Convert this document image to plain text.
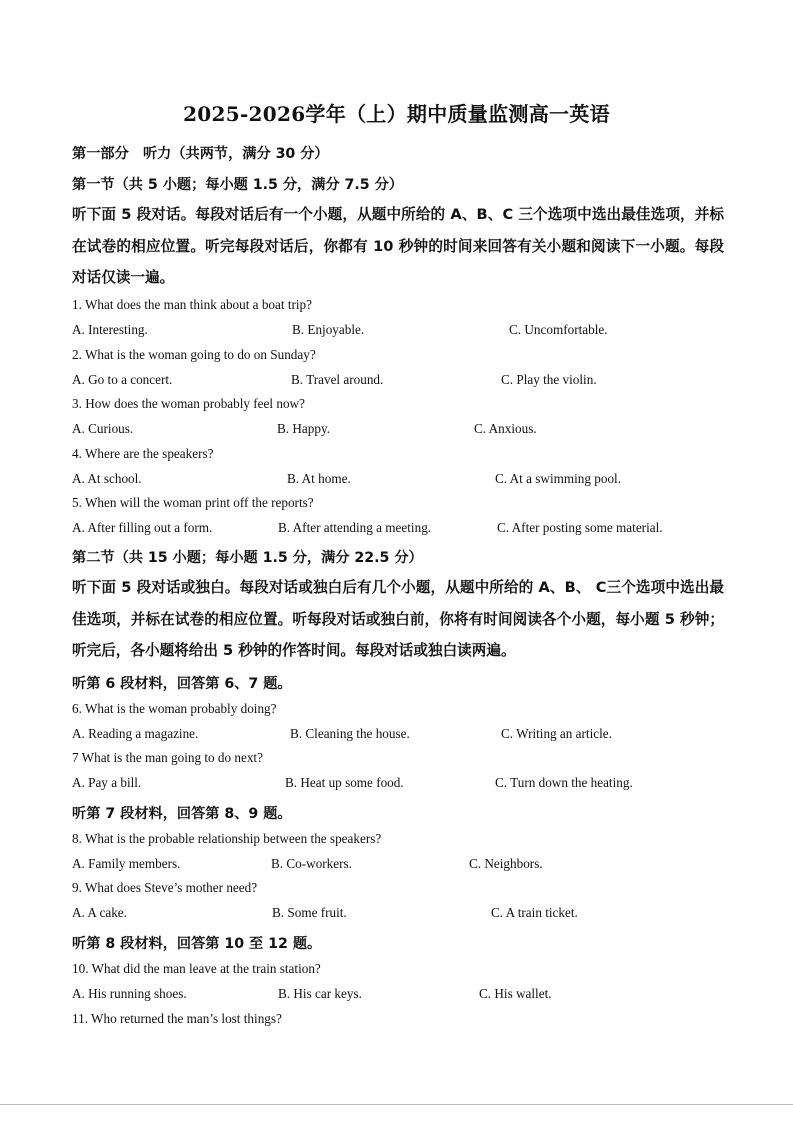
2025-2026学年（上）期中质量监测高一英语
第一部分　听力（共两节，满分 30 分）
第一节（共 5 小题；每小题 1.5 分，满分 7.5 分）
听下面 5 段对话。每段对话后有一个小题，从题中所给的 A、B、C 三个选项中选出最佳选项，并标在试卷的相应位置。听完每段对话后，你都有 10 秒钟的时间来回答有关小题和阅读下一小题。每段对话仅读一遍。
1. What does the man think about a boat trip?
A. Interesting.	B. Enjoyable.	C. Uncomfortable.
2. What is the woman going to do on Sunday?
A. Go to a concert.	B. Travel around.	C. Play the violin.
3. How does the woman probably feel now?
A. Curious.	B. Happy.	C. Anxious.
4. Where are the speakers?
A. At school.	B. At home.	C. At a swimming pool.
5. When will the woman print off the reports?
A. After filling out a form.	B. After attending a meeting.	C. After posting some material.
第二节（共 15 小题；每小题 1.5 分，满分 22.5 分）
听下面 5 段对话或独白。每段对话或独白后有几个小题，从题中所给的 A、B、 C三个选项中选出最佳选项，并标在试卷的相应位置。听每段对话或独白前，你将有时间阅读各个小题，每小题 5 秒钟；听完后，各小题将给出 5 秒钟的作答时间。每段对话或独白读两遍。
听第 6 段材料，回答第 6、7 题。
6. What is the woman probably doing?
A. Reading a magazine.	B. Cleaning the house.	C. Writing an article.
7 What is the man going to do next?
A. Pay a bill.	B. Heat up some food.	C. Turn down the heating.
听第 7 段材料，回答第 8、9 题。
8. What is the probable relationship between the speakers?
A. Family members.	B. Co-workers.	C. Neighbors.
9. What does Steve’s mother need?
A. A cake.	B. Some fruit.	C. A train ticket.
听第 8 段材料，回答第 10 至 12 题。
10. What did the man leave at the train station?
A. His running shoes.	B. His car keys.	C. His wallet.
11. Who returned the man’s lost things?
